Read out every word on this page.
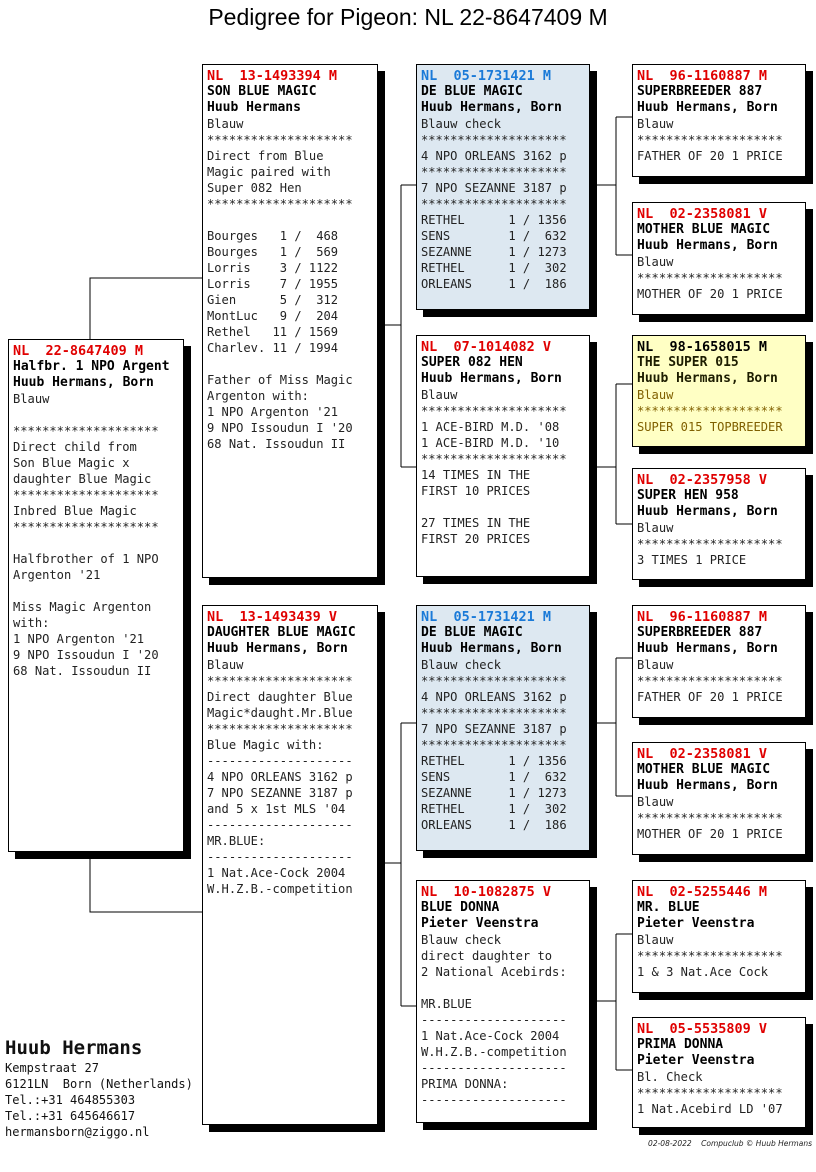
Pedigree for Pigeon: NL 22-8647409 M
NL  22-8647409 M
Halfbr. 1 NPO Argent
Huub Hermans, Born
Blauw
********************
Direct child from
Son Blue Magic x
daughter Blue Magic
********************
Inbred Blue Magic
********************
Halfbrother of 1 NPO
Argenton '21
Miss Magic Argenton
with:
1 NPO Argenton '21
9 NPO Issoudun I '20
68 Nat. Issoudun II
NL  13-1493394 M
SON BLUE MAGIC
Huub Hermans
Blauw
********************
Direct from Blue
Magic paired with
Super 082 Hen
********************
Bourges   1 /  468
Bourges   1 /  569
Lorris    3 / 1122
Lorris    7 / 1955
Gien      5 /  312
MontLuc   9 /  204
Rethel   11 / 1569
Charlev. 11 / 1994
Father of Miss Magic
Argenton with:
1 NPO Argenton '21
9 NPO Issoudun I '20
68 Nat. Issoudun II
NL  13-1493439 V
DAUGHTER BLUE MAGIC
Huub Hermans, Born
Blauw
********************
Direct daughter Blue
Magic*daught.Mr.Blue
********************
Blue Magic with:
--------------------
4 NPO ORLEANS 3162 p
7 NPO SEZANNE 3187 p
and 5 x 1st MLS '04
--------------------
MR.BLUE:
--------------------
1 Nat.Ace-Cock 2004
W.H.Z.B.-competition
NL  05-1731421 M
DE BLUE MAGIC
Huub Hermans, Born
Blauw check
********************
4 NPO ORLEANS 3162 p
********************
7 NPO SEZANNE 3187 p
********************
RETHEL      1 / 1356
SENS        1 /  632
SEZANNE     1 / 1273
RETHEL      1 /  302
ORLEANS     1 /  186
NL  07-1014082 V
SUPER 082 HEN
Huub Hermans, Born
Blauw
********************
1 ACE-BIRD M.D. '08
1 ACE-BIRD M.D. '10
********************
14 TIMES IN THE
FIRST 10 PRICES
27 TIMES IN THE
FIRST 20 PRICES
NL  05-1731421 M
DE BLUE MAGIC
Huub Hermans, Born
Blauw check
********************
4 NPO ORLEANS 3162 p
********************
7 NPO SEZANNE 3187 p
********************
RETHEL      1 / 1356
SENS        1 /  632
SEZANNE     1 / 1273
RETHEL      1 /  302
ORLEANS     1 /  186
NL  10-1082875 V
BLUE DONNA
Pieter Veenstra
Blauw check
direct daughter to
2 National Acebirds:
MR.BLUE
--------------------
1 Nat.Ace-Cock 2004
W.H.Z.B.-competition
--------------------
PRIMA DONNA:
--------------------
NL  96-1160887 M
SUPERBREEDER 887
Huub Hermans, Born
Blauw
********************
FATHER OF 20 1 PRICE
NL  02-2358081 V
MOTHER BLUE MAGIC
Huub Hermans, Born
Blauw
********************
MOTHER OF 20 1 PRICE
NL  98-1658015 M
THE SUPER 015
Huub Hermans, Born
Blauw
********************
SUPER 015 TOPBREEDER
NL  02-2357958 V
SUPER HEN 958
Huub Hermans, Born
Blauw
********************
3 TIMES 1 PRICE
NL  96-1160887 M
SUPERBREEDER 887
Huub Hermans, Born
Blauw
********************
FATHER OF 20 1 PRICE
NL  02-2358081 V
MOTHER BLUE MAGIC
Huub Hermans, Born
Blauw
********************
MOTHER OF 20 1 PRICE
NL  02-5255446 M
MR. BLUE
Pieter Veenstra
Blauw
********************
1 & 3 Nat.Ace Cock
NL  05-5535809 V
PRIMA DONNA
Pieter Veenstra
Bl. Check
********************
1 Nat.Acebird LD '07
Huub Hermans
Kempstraat 27
6121LN  Born (Netherlands)
Tel.:+31 464855303
Tel.:+31 645646617
hermansborn@ziggo.nl
02-08-2022    Compuclub © Huub Hermans
